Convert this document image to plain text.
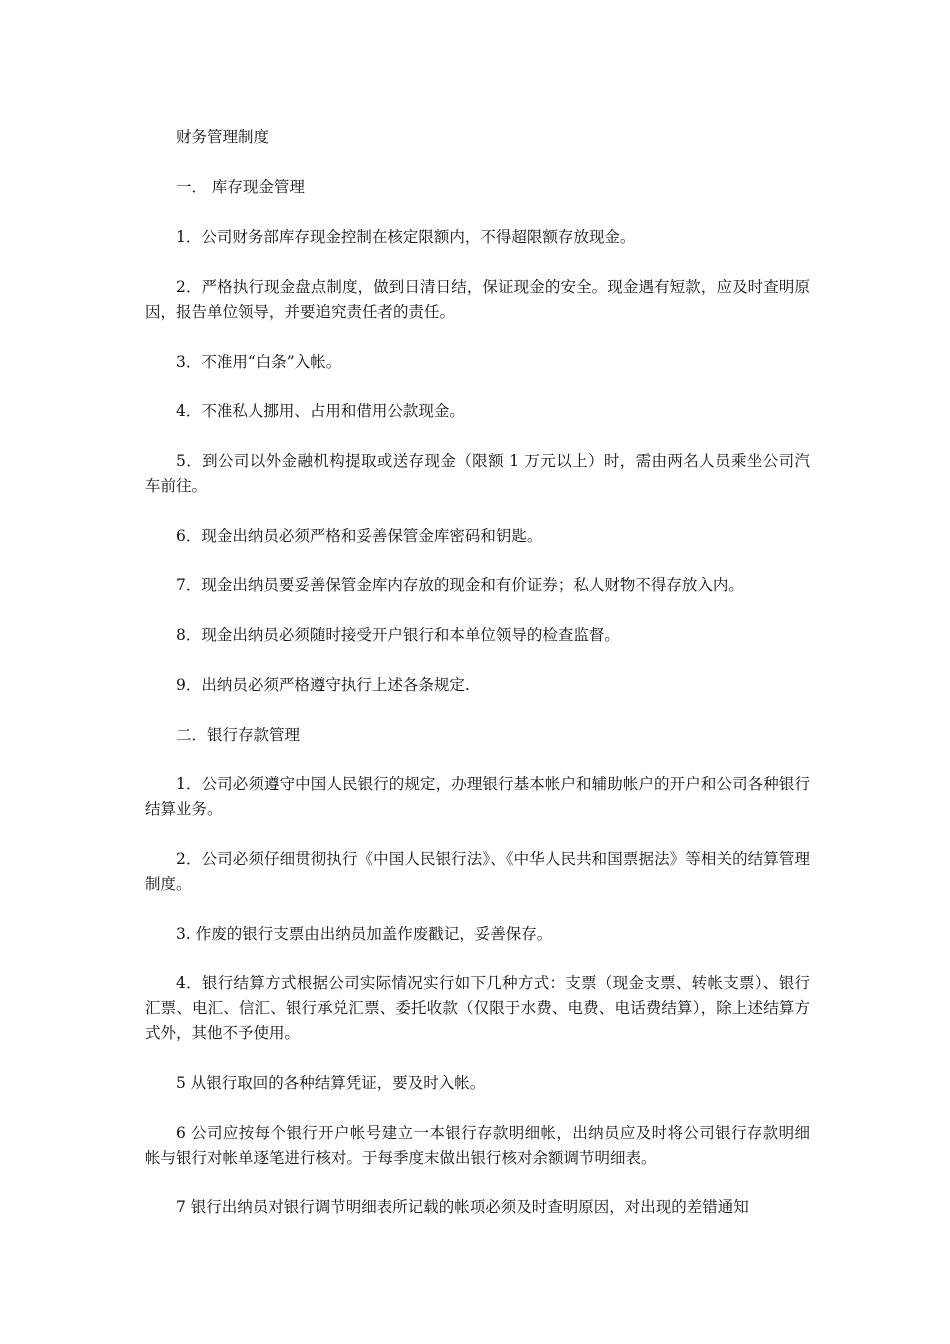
财务管理制度

一． 库存现金管理

1．公司财务部库存现金控制在核定限额内，不得超限额存放现金。

2．严格执行现金盘点制度，做到日清日结，保证现金的安全。现金遇有短款，应及时查明原因，报告单位领导，并要追究责任者的责任。

3．不准用“白条”入帐。

4．不准私人挪用、占用和借用公款现金。

5．到公司以外金融机构提取或送存现金（限额 1 万元以上）时，需由两名人员乘坐公司汽车前往。

6．现金出纳员必须严格和妥善保管金库密码和钥匙。

7．现金出纳员要妥善保管金库内存放的现金和有价证券；私人财物不得存放入内。

8．现金出纳员必须随时接受开户银行和本单位领导的检查监督。

9．出纳员必须严格遵守执行上述各条规定.

二．银行存款管理

1．公司必须遵守中国人民银行的规定，办理银行基本帐户和辅助帐户的开户和公司各种银行结算业务。

2．公司必须仔细贯彻执行《中国人民银行法》、《中华人民共和国票据法》等相关的结算管理制度。

3. 作废的银行支票由出纳员加盖作废戳记，妥善保存。

4．银行结算方式根据公司实际情况实行如下几种方式：支票（现金支票、转帐支票）、银行汇票、电汇、信汇、银行承兑汇票、委托收款（仅限于水费、电费、电话费结算），除上述结算方式外，其他不予使用。

5 从银行取回的各种结算凭证，要及时入帐。

6 公司应按每个银行开户帐号建立一本银行存款明细帐，出纳员应及时将公司银行存款明细帐与银行对帐单逐笔进行核对。于每季度末做出银行核对余额调节明细表。

7 银行出纳员对银行调节明细表所记载的帐项必须及时查明原因，对出现的差错通知
